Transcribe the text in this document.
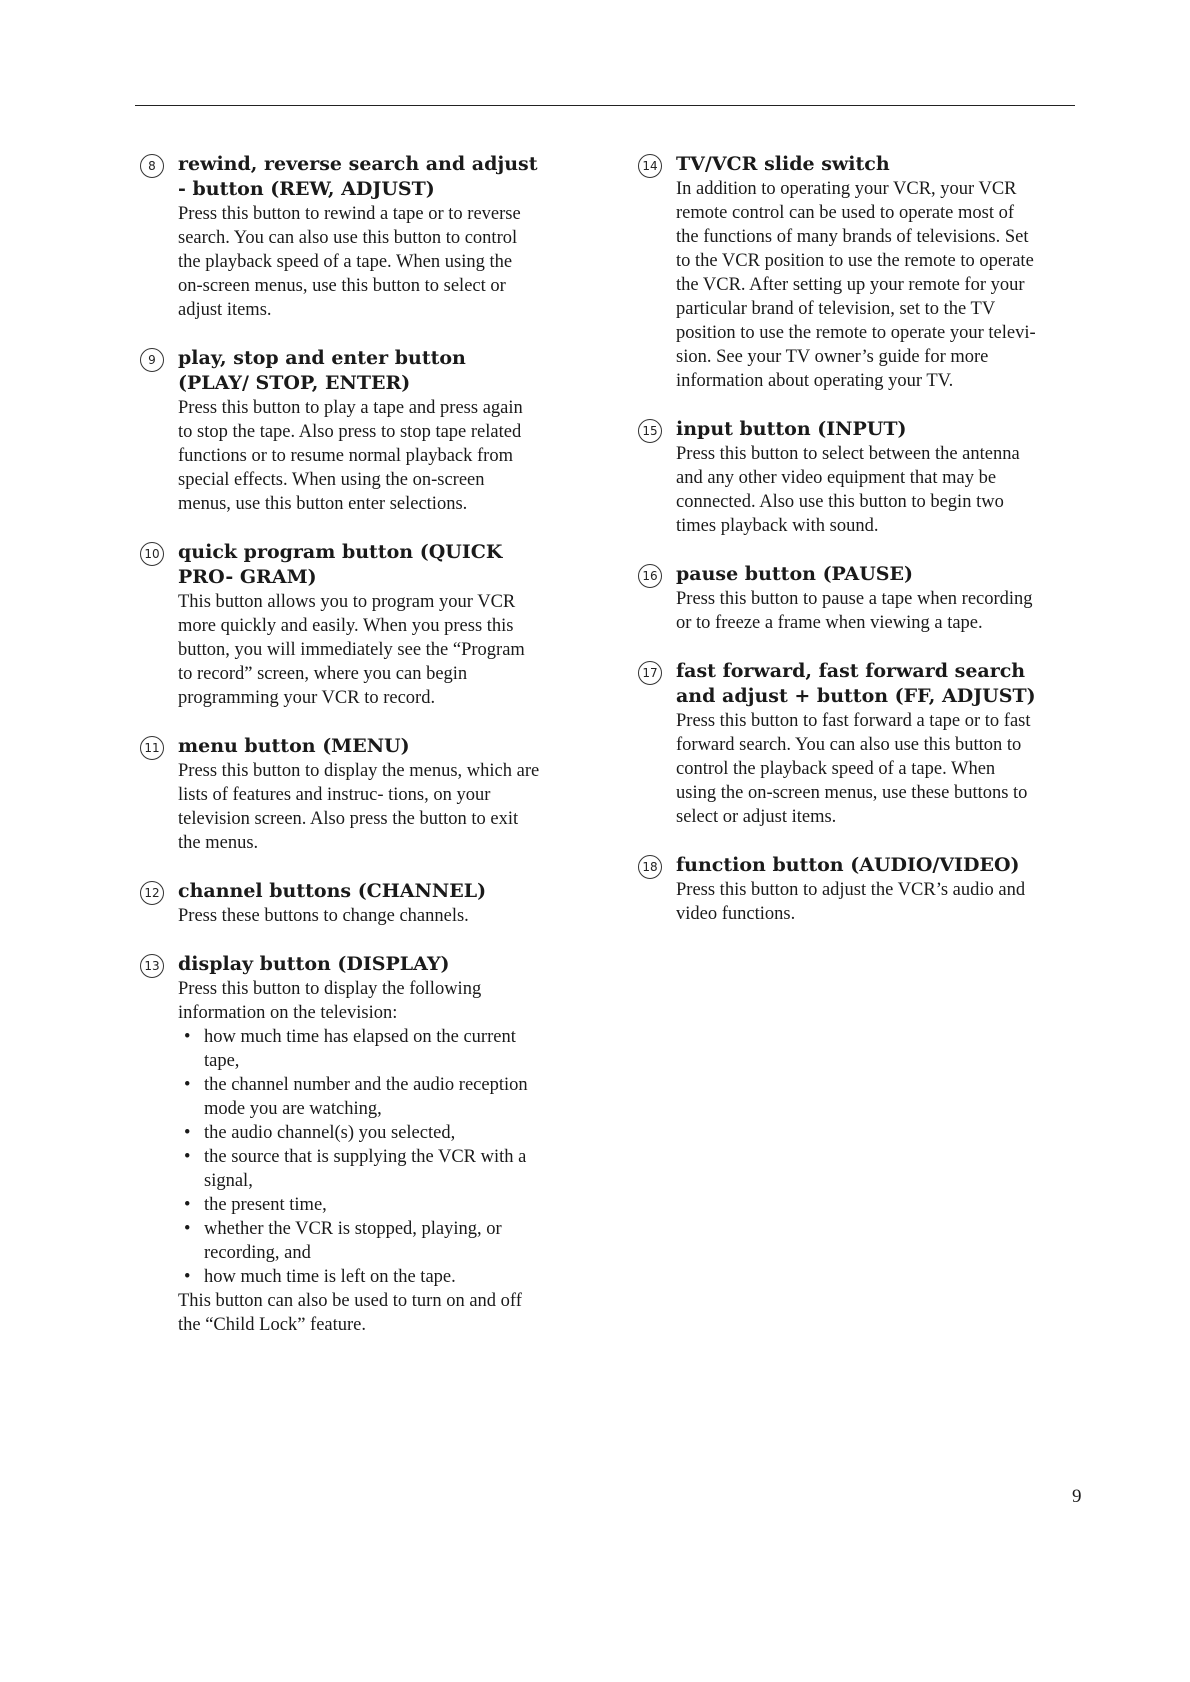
8	rewind, reverse search and adjust - button (REW, ADJUST)

Press this button to rewind a tape or to reverse search. You can also use this button to control the playback speed of a tape. When using the on-screen menus, use this button to select or adjust items.

9	play, stop and enter button (PLAY/ STOP, ENTER)

Press this button to play a tape and press again to stop the tape. Also press to stop tape related functions or to resume normal playback from special effects. When using the on-screen menus, use this button enter selections.

10 quick program button (QUICK PRO- GRAM)

This button allows you to program your VCR more quickly and easily. When you press this button, you will immediately see the “Program to record” screen, where you can begin programming your VCR to record.

11 menu button (MENU)

Press this button to display the menus, which are lists of features and instruc- tions, on your television screen. Also press the button to exit the menus.

12 channel buttons (CHANNEL)

Press these buttons to change channels.

13 display button (DISPLAY)

Press this button to display the following information on the television:

• how much time has elapsed on the current tape,
• the channel number and the audio reception mode you are watching,
• the audio channel(s) you selected,
• the source that is supplying the VCR with a signal,
• the present time,
• whether the VCR is stopped, playing, or recording, and
• how much time is left on the tape.

This button can also be used to turn on and off the “Child Lock” feature.

14 TV/VCR slide switch

In addition to operating your VCR, your VCR remote control can be used to operate most of the functions of many brands of televisions. Set to the VCR position to use the remote to operate the VCR. After setting up your remote for your particular brand of television, set to the TV position to use the remote to operate your televi- sion. See your TV owner’s guide for more information about operating your TV.

15 input button (INPUT)

Press this button to select between the antenna and any other video equipment that may be connected. Also use this button to begin two times playback with sound.

16 pause button (PAUSE)

Press this button to pause a tape when recording or to freeze a frame when viewing a tape.

17 fast forward, fast forward search and adjust + button (FF, ADJUST)

Press this button to fast forward a tape or to fast forward search. You can also use this button to control the playback speed of a tape. When using the on-screen menus, use these buttons to select or adjust items.

18 function button (AUDIO/VIDEO)

Press this button to adjust the VCR’s audio and video functions.

9
